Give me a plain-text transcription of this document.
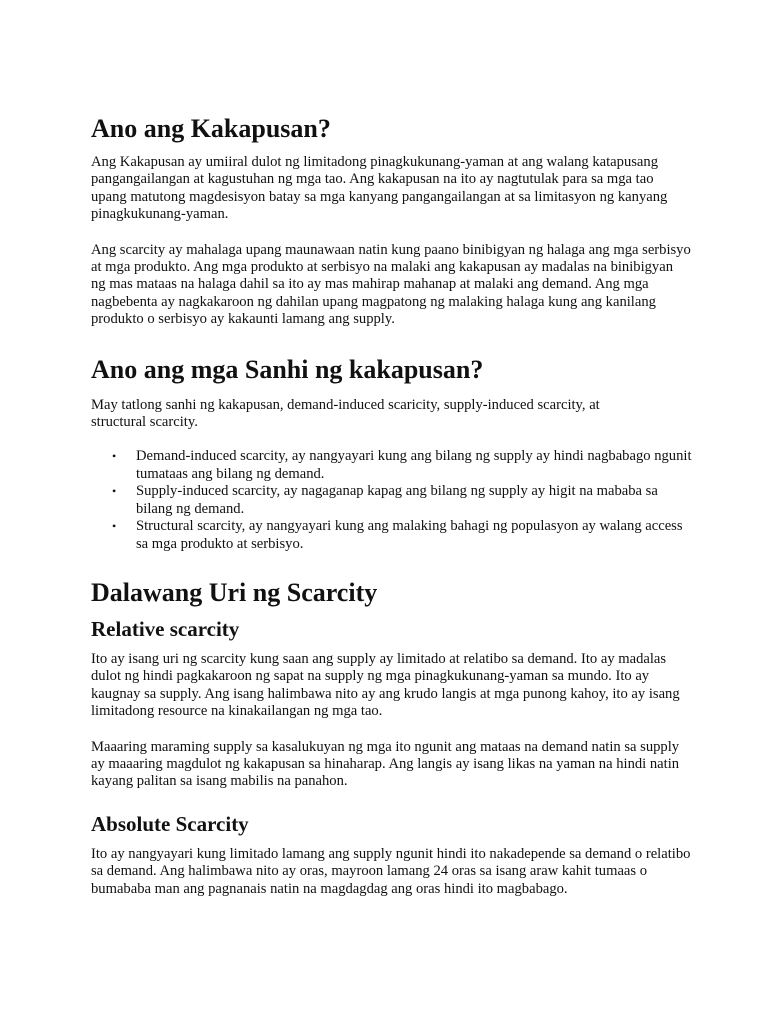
Ano ang Kakapusan?

Ang Kakapusan ay umiiral dulot ng limitadong pinagkukunang-yaman at ang walang katapusang pangangailangan at kagustuhan ng mga tao. Ang kakapusan na ito ay nagtutulak para sa mga tao upang matutong magdesisyon batay sa mga kanyang pangangailangan at sa limitasyon ng kanyang pinagkukunang-yaman.

Ang scarcity ay mahalaga upang maunawaan natin kung paano binibigyan ng halaga ang mga serbisyo at mga produkto. Ang mga produkto at serbisyo na malaki ang kakapusan ay madalas na binibigyan ng mas mataas na halaga dahil sa ito ay mas mahirap mahanap at malaki ang demand. Ang mga nagbebenta ay nagkakaroon ng dahilan upang magpatong ng malaking halaga kung ang kanilang produkto o serbisyo ay kakaunti lamang ang supply.

Ano ang mga Sanhi ng kakapusan?

May tatlong sanhi ng kakapusan, demand-induced scaricity, supply-induced scarcity, at structural scarcity.

• Demand-induced scarcity, ay nangyayari kung ang bilang ng supply ay hindi nagbabago ngunit tumataas ang bilang ng demand.
• Supply-induced scarcity, ay nagaganap kapag ang bilang ng supply ay higit na mababa sa bilang ng demand.
• Structural scarcity, ay nangyayari kung ang malaking bahagi ng populasyon ay walang access sa mga produkto at serbisyo.
Dalawang Uri ng Scarcity
Relative scarcity

Ito ay isang uri ng scarcity kung saan ang supply ay limitado at relatibo sa demand. Ito ay madalas dulot ng hindi pagkakaroon ng sapat na supply ng mga pinagkukunang-yaman sa mundo. Ito ay kaugnay sa supply. Ang isang halimbawa nito ay ang krudo langis at mga punong kahoy, ito ay isang limitadong resource na kinakailangan ng mga tao.

Maaaring maraming supply sa kasalukuyan ng mga ito ngunit ang mataas na demand natin sa supply ay maaaring magdulot ng kakapusan sa hinaharap. Ang langis ay isang likas na yaman na hindi natin kayang palitan sa isang mabilis na panahon.

Absolute Scarcity

Ito ay nangyayari kung limitado lamang ang supply ngunit hindi ito nakadepende sa demand o relatibo sa demand. Ang halimbawa nito ay oras, mayroon lamang 24 oras sa isang araw kahit tumaas o bumababa man ang pagnanais natin na magdagdag ang oras hindi ito magbabago.
